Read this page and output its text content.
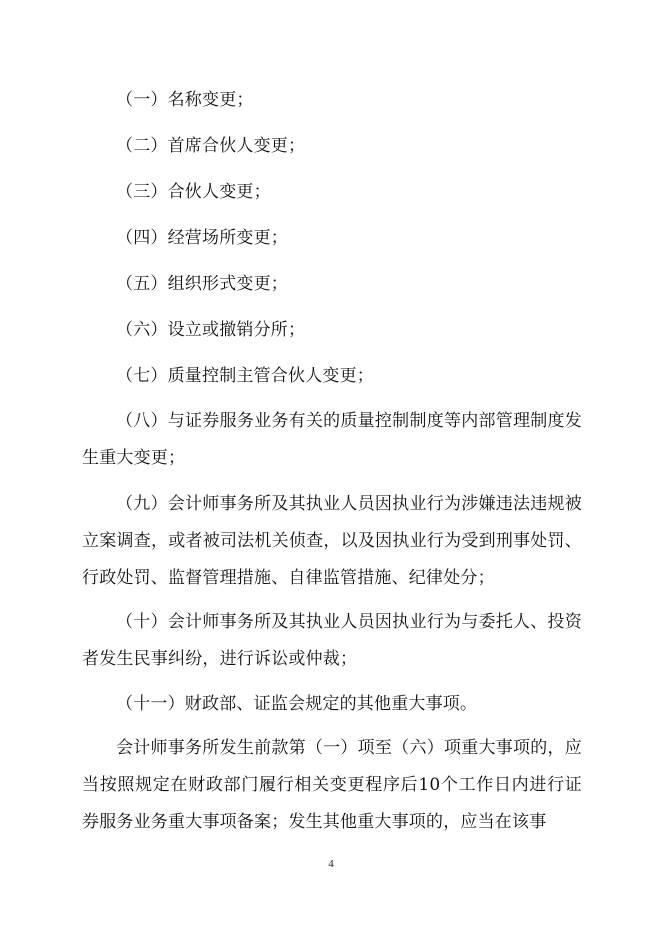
（一）名称变更；

（二）首席合伙人变更；

（三）合伙人变更；

（四）经营场所变更；

（五）组织形式变更；

（六）设立或撤销分所；

（七）质量控制主管合伙人变更；

（八）与证券服务业务有关的质量控制制度等内部管理制度发生重大变更；

（九）会计师事务所及其执业人员因执业行为涉嫌违法违规被立案调查，或者被司法机关侦查，以及因执业行为受到刑事处罚、行政处罚、监督管理措施、自律监管措施、纪律处分；

（十）会计师事务所及其执业人员因执业行为与委托人、投资者发生民事纠纷，进行诉讼或仲裁；

（十一）财政部、证监会规定的其他重大事项。

会计师事务所发生前款第（一）项至（六）项重大事项的，应当按照规定在财政部门履行相关变更程序后10个工作日内进行证券服务业务重大事项备案；发生其他重大事项的，应当在该事

4
